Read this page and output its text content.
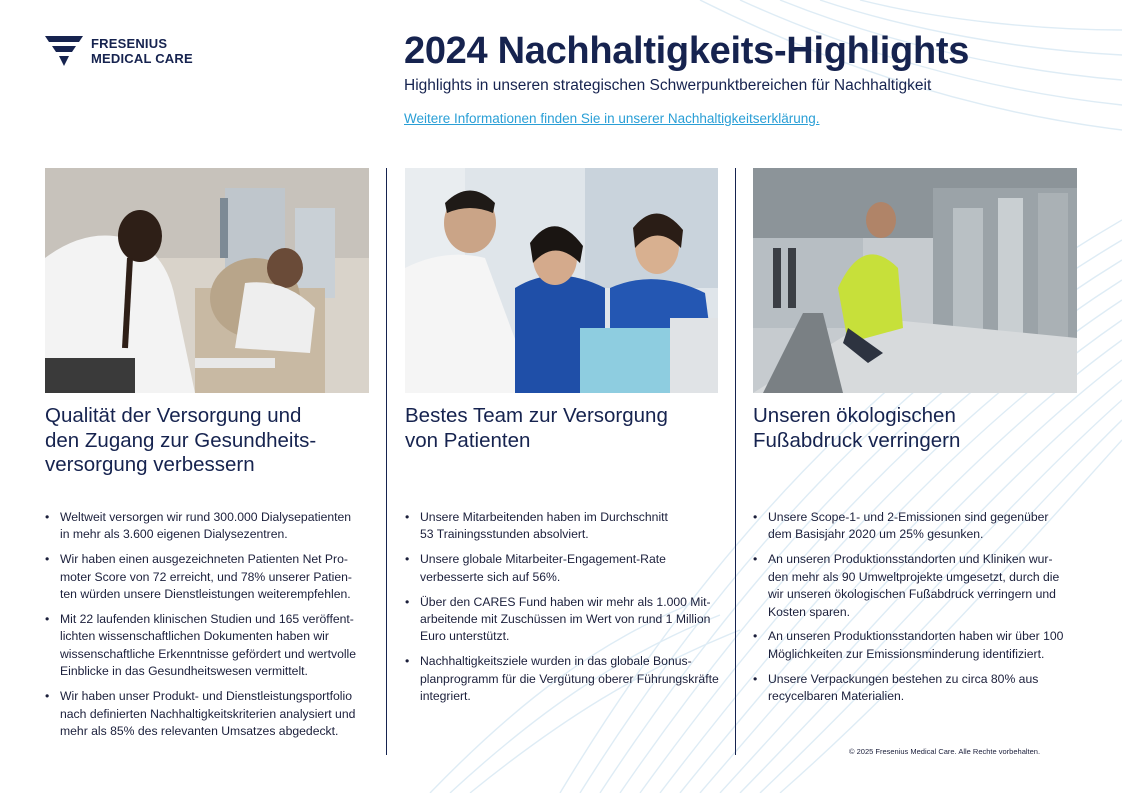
FRESENIUS
MEDICAL CARE	2024 Nachhaltigkeits-Highlights
Highlights in unseren strategischen Schwerpunktbereichen für Nachhaltigkeit
Weitere Informationen finden Sie in unserer Nachhaltigkeitserklärung.
Qualität der Versorgung und
den Zugang zur Gesundheits-
versorgung verbessern
• Weltweit versorgen wir rund 300.000 Dialysepatienten
in mehr als 3.600 eigenen Dialysezentren.
• Wir haben einen ausgezeichneten Patienten Net Pro-
moter Score von 72 erreicht, und 78% unserer Patien-
ten würden unsere Dienstleistungen weiterempfehlen.
• Mit 22 laufenden klinischen Studien und 165 veröffent-
lichten wissenschaftlichen Dokumenten haben wir
wissenschaftliche Erkenntnisse gefördert und wertvolle
Einblicke in das Gesundheitswesen vermittelt.
• Wir haben unser Produkt- und Dienstleistungsportfolio
nach definierten Nachhaltigkeitskriterien analysiert und
mehr als 85% des relevanten Umsatzes abgedeckt.
Bestes Team zur Versorgung
von Patienten
• Unsere Mitarbeitenden haben im Durchschnitt
53 Trainingsstunden absolviert.
• Unsere globale Mitarbeiter-Engagement-Rate
verbesserte sich auf 56%.
• Über den CARES Fund haben wir mehr als 1.000 Mit-
arbeitende mit Zuschüssen im Wert von rund 1 Million
Euro unterstützt.
• Nachhaltigkeitsziele wurden in das globale Bonus-
planprogramm für die Vergütung oberer Führungskräfte
integriert.
Unseren ökologischen
Fußabdruck verringern
• Unsere Scope-1- und 2-Emissionen sind gegenüber
dem Basisjahr 2020 um 25% gesunken.
• An unseren Produktionsstandorten und Kliniken wur-
den mehr als 90 Umweltprojekte umgesetzt, durch die
wir unseren ökologischen Fußabdruck verringern und
Kosten sparen.
• An unseren Produktionsstandorten haben wir über 100
Möglichkeiten zur Emissionsminderung identifiziert.
• Unsere Verpackungen bestehen zu circa 80% aus
recycelbaren Materialien.
© 2025 Fresenius Medical Care. Alle Rechte vorbehalten.
